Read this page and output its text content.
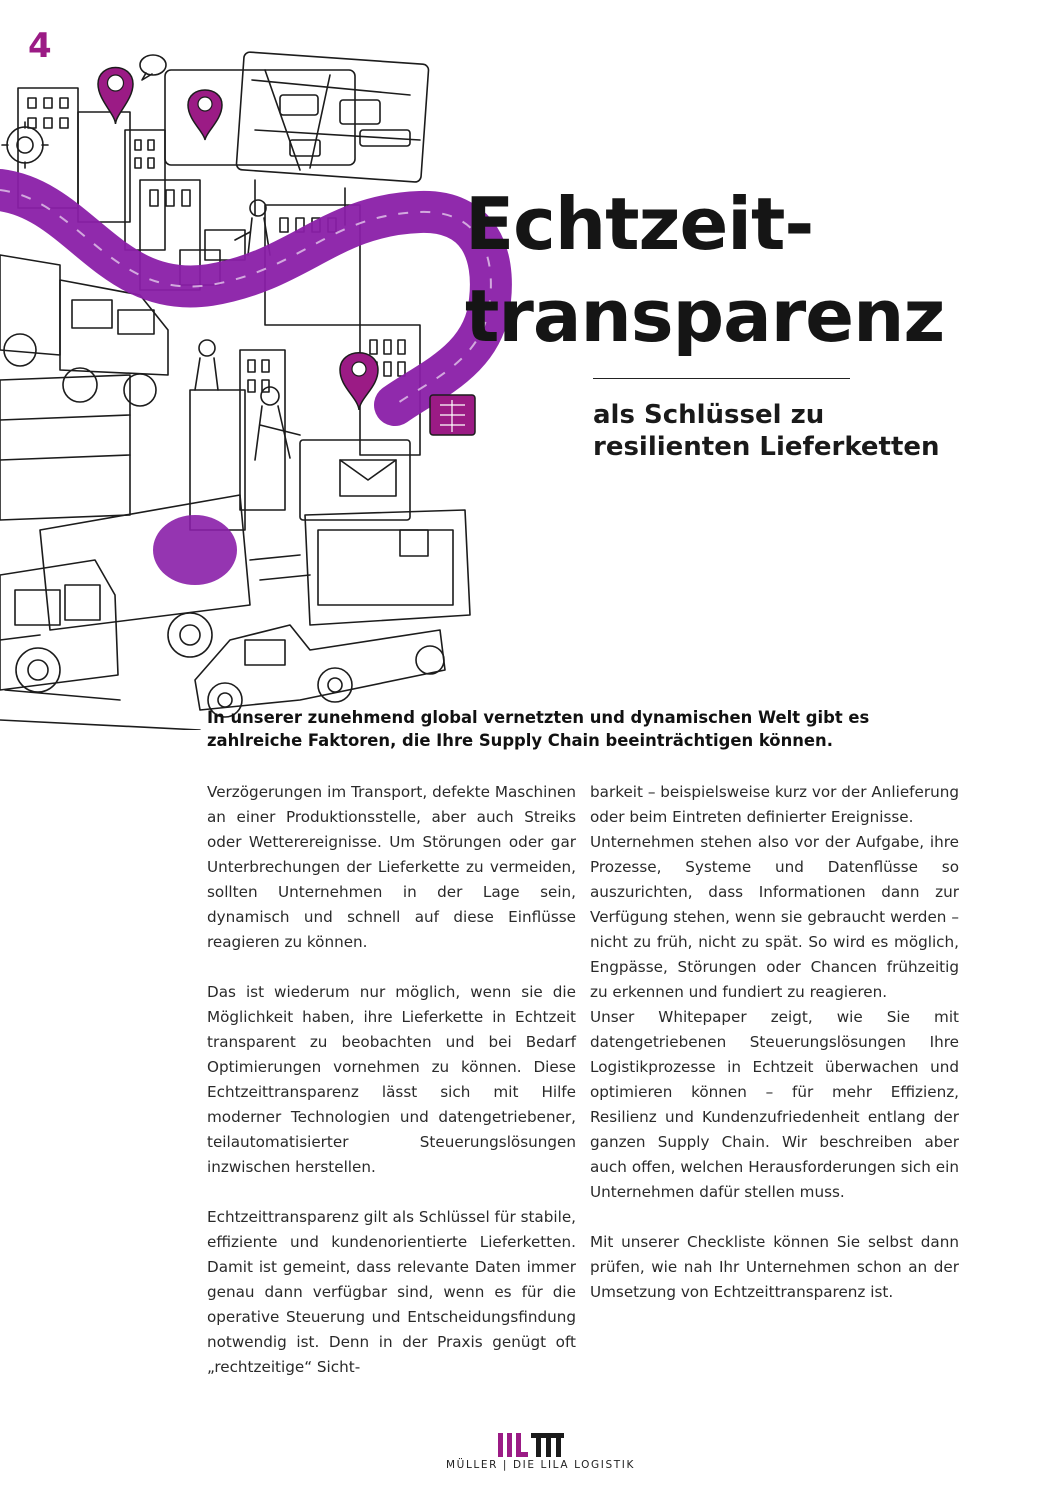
4
Echtzeit-
transparenz
als Schlüssel zu
resilienten Lieferketten

In unserer zunehmend global vernetzten und dynamischen Welt gibt es zahlreiche Faktoren, die Ihre Supply Chain beeinträchtigen können.

Verzögerungen im Transport, defekte Maschinen an einer Produktionsstelle, aber auch Streiks oder Wetterereignisse. Um Störungen oder gar Unterbrechungen der Lieferkette zu vermeiden, sollten Unternehmen in der Lage sein, dynamisch und schnell auf diese Einflüsse reagieren zu können.

Das ist wiederum nur möglich, wenn sie die Möglichkeit haben, ihre Lieferkette in Echtzeit transparent zu beobachten und bei Bedarf Optimierungen vornehmen zu können. Diese Echtzeittransparenz lässt sich mit Hilfe moderner Technologien und datengetriebener, teilautomatisierter Steuerungslösungen inzwischen herstellen.

Echtzeittransparenz gilt als Schlüssel für stabile, effiziente und kundenorientierte Lieferketten. Damit ist gemeint, dass relevante Daten immer genau dann verfügbar sind, wenn es für die operative Steuerung und Entscheidungsfindung notwendig ist. Denn in der Praxis genügt oft „rechtzeitige“ Sicht-

barkeit – beispielsweise kurz vor der Anlieferung oder beim Eintreten definierter Ereignisse.

Unternehmen stehen also vor der Aufgabe, ihre Prozesse, Systeme und Datenflüsse so auszurichten, dass Informationen dann zur Verfügung stehen, wenn sie gebraucht werden – nicht zu früh, nicht zu spät. So wird es möglich, Engpässe, Störungen oder Chancen frühzeitig zu erkennen und fundiert zu reagieren.

Unser Whitepaper zeigt, wie Sie mit datengetriebenen Steuerungslösungen Ihre Logistikprozesse in Echtzeit überwachen und optimieren können – für mehr Effizienz, Resilienz und Kundenzufriedenheit entlang der ganzen Supply Chain. Wir beschreiben aber auch offen, welchen Herausforderungen sich ein Unternehmen dafür stellen muss.

Mit unserer Checkliste können Sie selbst dann prüfen, wie nah Ihr Unternehmen schon an der Umsetzung von Echtzeittransparenz ist.

MÜLLER | DIE LILA LOGISTIK
